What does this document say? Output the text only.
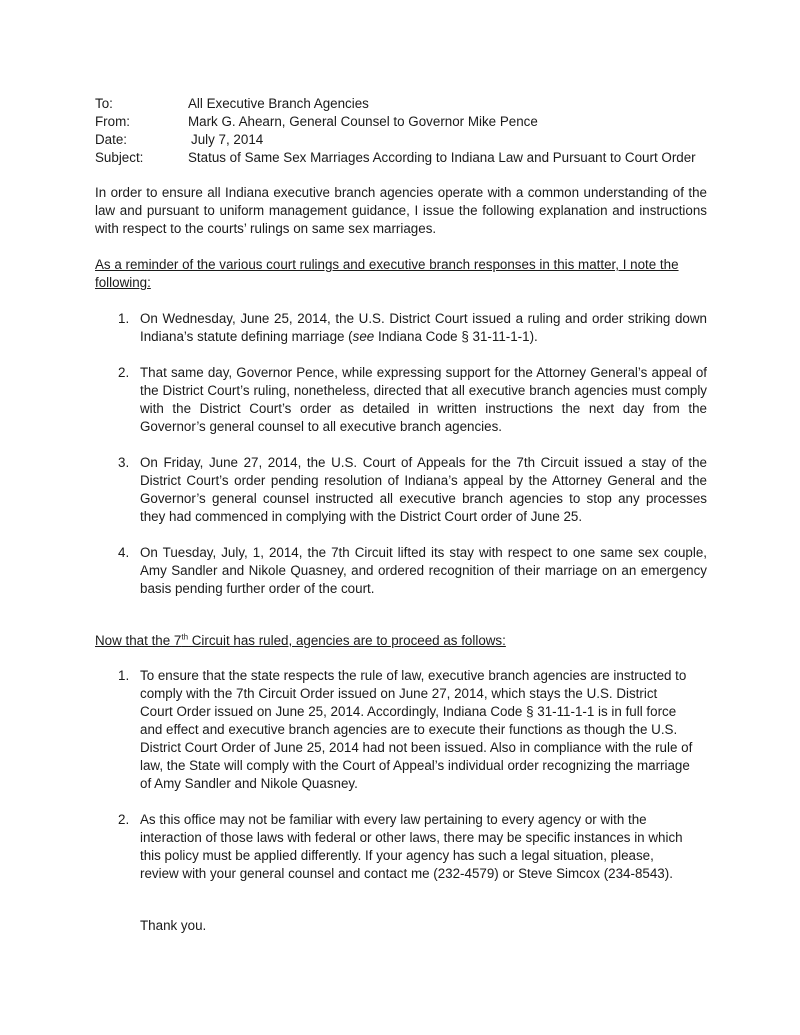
To:	All Executive Branch Agencies
From:	Mark G. Ahearn, General Counsel to Governor Mike Pence
Date:	July 7, 2014
Subject:	Status of Same Sex Marriages According to Indiana Law and Pursuant to Court Order

In order to ensure all Indiana executive branch agencies operate with a common understanding of the law and pursuant to uniform management guidance, I issue the following explanation and instructions with respect to the courts’ rulings on same sex marriages.

As a reminder of the various court rulings and executive branch responses in this matter, I note the following:
1. On Wednesday, June 25, 2014, the U.S. District Court issued a ruling and order striking down Indiana’s statute defining marriage (see Indiana Code § 31-11-1-1).
2. That same day, Governor Pence, while expressing support for the Attorney General’s appeal of the District Court’s ruling, nonetheless, directed that all executive branch agencies must comply with the District Court’s order as detailed in written instructions the next day from the Governor’s general counsel to all executive branch agencies.
3. On Friday, June 27, 2014, the U.S. Court of Appeals for the 7th Circuit issued a stay of the District Court’s order pending resolution of Indiana’s appeal by the Attorney General and the Governor’s general counsel instructed all executive branch agencies to stop any processes they had commenced in complying with the District Court order of June 25.
4. On Tuesday, July, 1, 2014, the 7th Circuit lifted its stay with respect to one same sex couple, Amy Sandler and Nikole Quasney, and ordered recognition of their marriage on an emergency basis pending further order of the court.
Now that the 7th Circuit has ruled, agencies are to proceed as follows:
1. To ensure that the state respects the rule of law, executive branch agencies are instructed to comply with the 7th Circuit Order issued on June 27, 2014, which stays the U.S. District Court Order issued on June 25, 2014. Accordingly, Indiana Code § 31-11-1-1 is in full force and effect and executive branch agencies are to execute their functions as though the U.S. District Court Order of June 25, 2014 had not been issued. Also in compliance with the rule of law, the State will comply with the Court of Appeal’s individual order recognizing the marriage of Amy Sandler and Nikole Quasney.
2. As this office may not be familiar with every law pertaining to every agency or with the interaction of those laws with federal or other laws, there may be specific instances in which this policy must be applied differently. If your agency has such a legal situation, please, review with your general counsel and contact me (232-4579) or Steve Simcox (234-8543).
Thank you.
